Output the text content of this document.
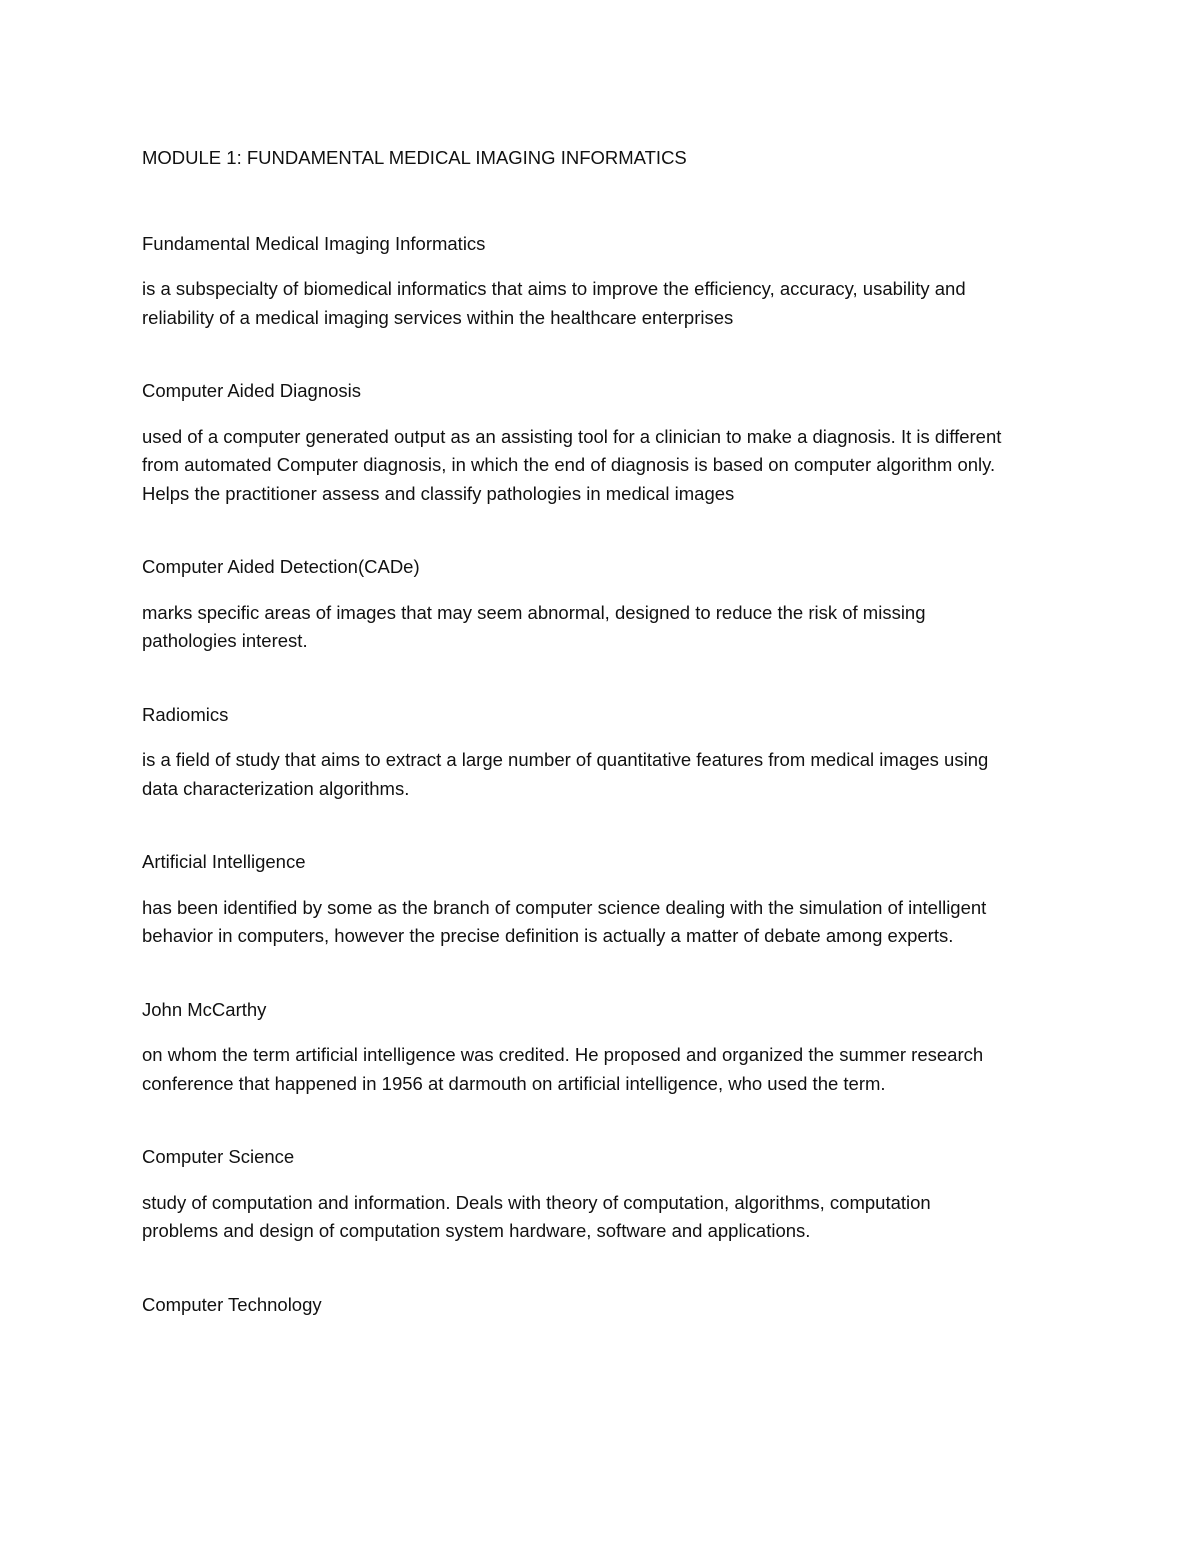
MODULE 1: FUNDAMENTAL MEDICAL IMAGING INFORMATICS

Fundamental Medical Imaging Informatics

is a subspecialty of biomedical informatics that aims to improve the efficiency, accuracy, usability and

reliability of a medical imaging services within the healthcare enterprises

Computer Aided Diagnosis

used of a computer generated output as an assisting tool for a clinician to make a diagnosis. It is different

from automated Computer diagnosis, in which the end of diagnosis is based on computer algorithm only.

Helps the practitioner assess and classify pathologies in medical images

Computer Aided Detection(CADe)

marks specific areas of images that may seem abnormal, designed to reduce the risk of missing

pathologies interest.

Radiomics

is a field of study that aims to extract a large number of quantitative features from medical images using

data characterization algorithms.

Artificial Intelligence

has been identified by some as the branch of computer science dealing with the simulation of intelligent

behavior in computers, however the precise definition is actually a matter of debate among experts.

John McCarthy

on whom the term artificial intelligence was credited. He proposed and organized the summer research

conference that happened in 1956 at darmouth on artificial intelligence, who used the term.

Computer Science

study of computation and information. Deals with theory of computation, algorithms, computation

problems and design of computation system hardware, software and applications.

Computer Technology
